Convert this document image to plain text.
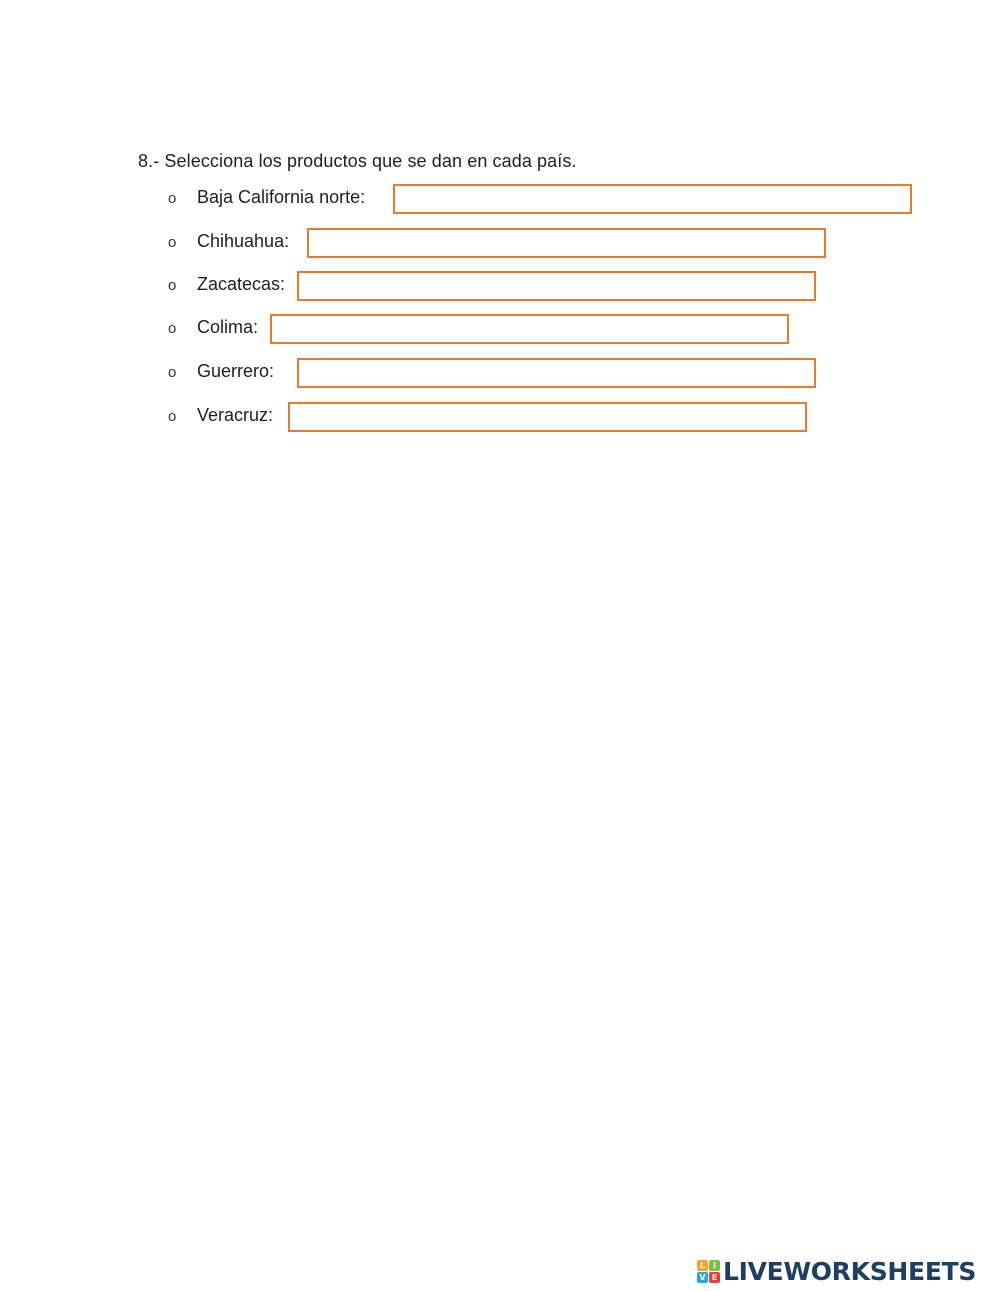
8.- Selecciona los productos que se dan en cada país.
o Baja California norte:
o Chihuahua:
o Zacatecas:
o Colima:
o Guerrero:
o Veracruz:
L I
V E LIVEWORKSHEETS
